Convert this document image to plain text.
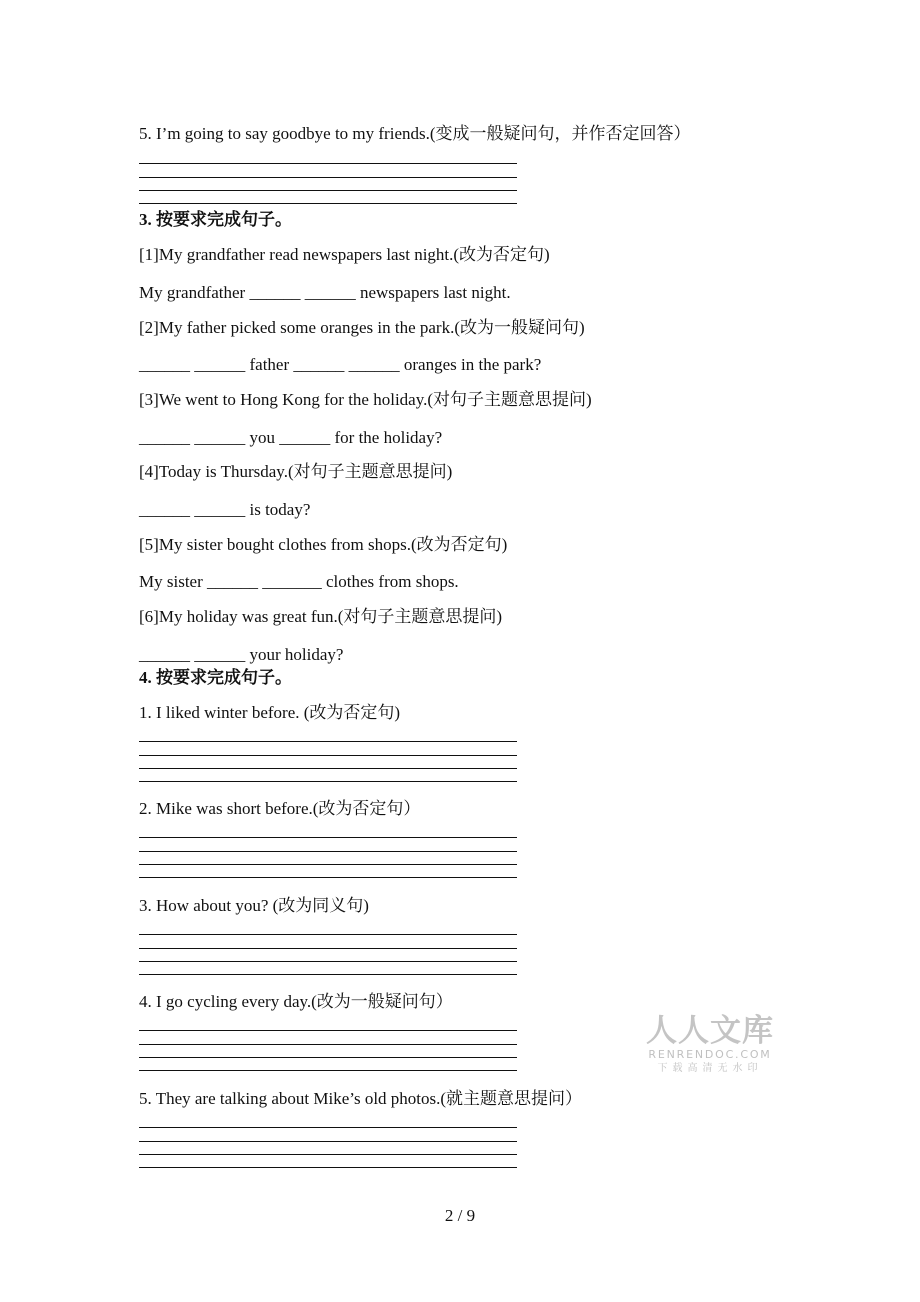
5. I’m going to say goodbye to my friends.(变成一般疑问句，并作否定回答）
3. 按要求完成句子。
[1]My grandfather read newspapers last night.(改为否定句)
My grandfather ______ ______ newspapers last night.
[2]My father picked some oranges in the park.(改为一般疑问句)
______ ______ father ______ ______ oranges in the park?
[3]We went to Hong Kong for the holiday.(对句子主题意思提问)
______ ______ you ______ for the holiday?
[4]Today is Thursday.(对句子主题意思提问)
______ ______ is today?
[5]My sister bought clothes from shops.(改为否定句)
My sister ______ _______ clothes from shops.
[6]My holiday was great fun.(对句子主题意思提问)
______ ______ your holiday?
4. 按要求完成句子。
1. I liked winter before. (改为否定句)
2. Mike was short before.(改为否定句）
3. How about you? (改为同义句)
4. I go cycling every day.(改为一般疑问句）
5. They are talking about Mike’s old photos.(就主题意思提问）
人人文库
RENRENDOC.COM
下载高清无水印
2 / 9
